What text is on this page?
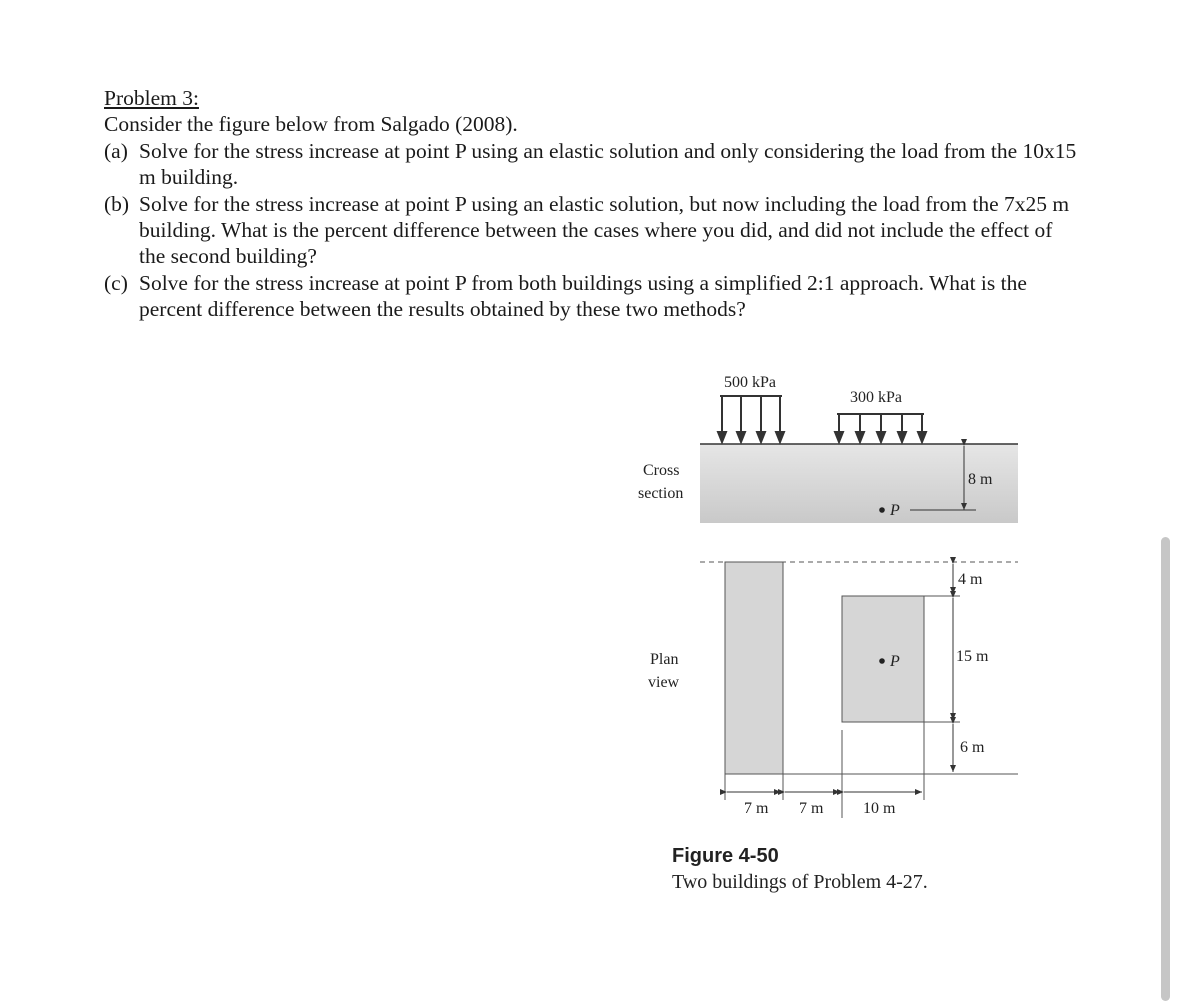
Problem 3:
Consider the figure below from Salgado (2008).
(a) Solve for the stress increase at point P using an elastic solution and only considering the load from the 10x15 m building.
(b) Solve for the stress increase at point P using an elastic solution, but now including the load from the 7x25 m building. What is the percent difference between the cases where you did, and did not include the effect of the second building?
(c) Solve for the stress increase at point P from both buildings using a simplified 2:1 approach. What is the percent difference between the results obtained by these two methods?
500 kPa
300 kPa
8 m
P
Cross
section
P
4 m
15 m
6 m
7 m 7 m 10 m
Plan
view
Figure 4-50
Two buildings of Problem 4-27.
